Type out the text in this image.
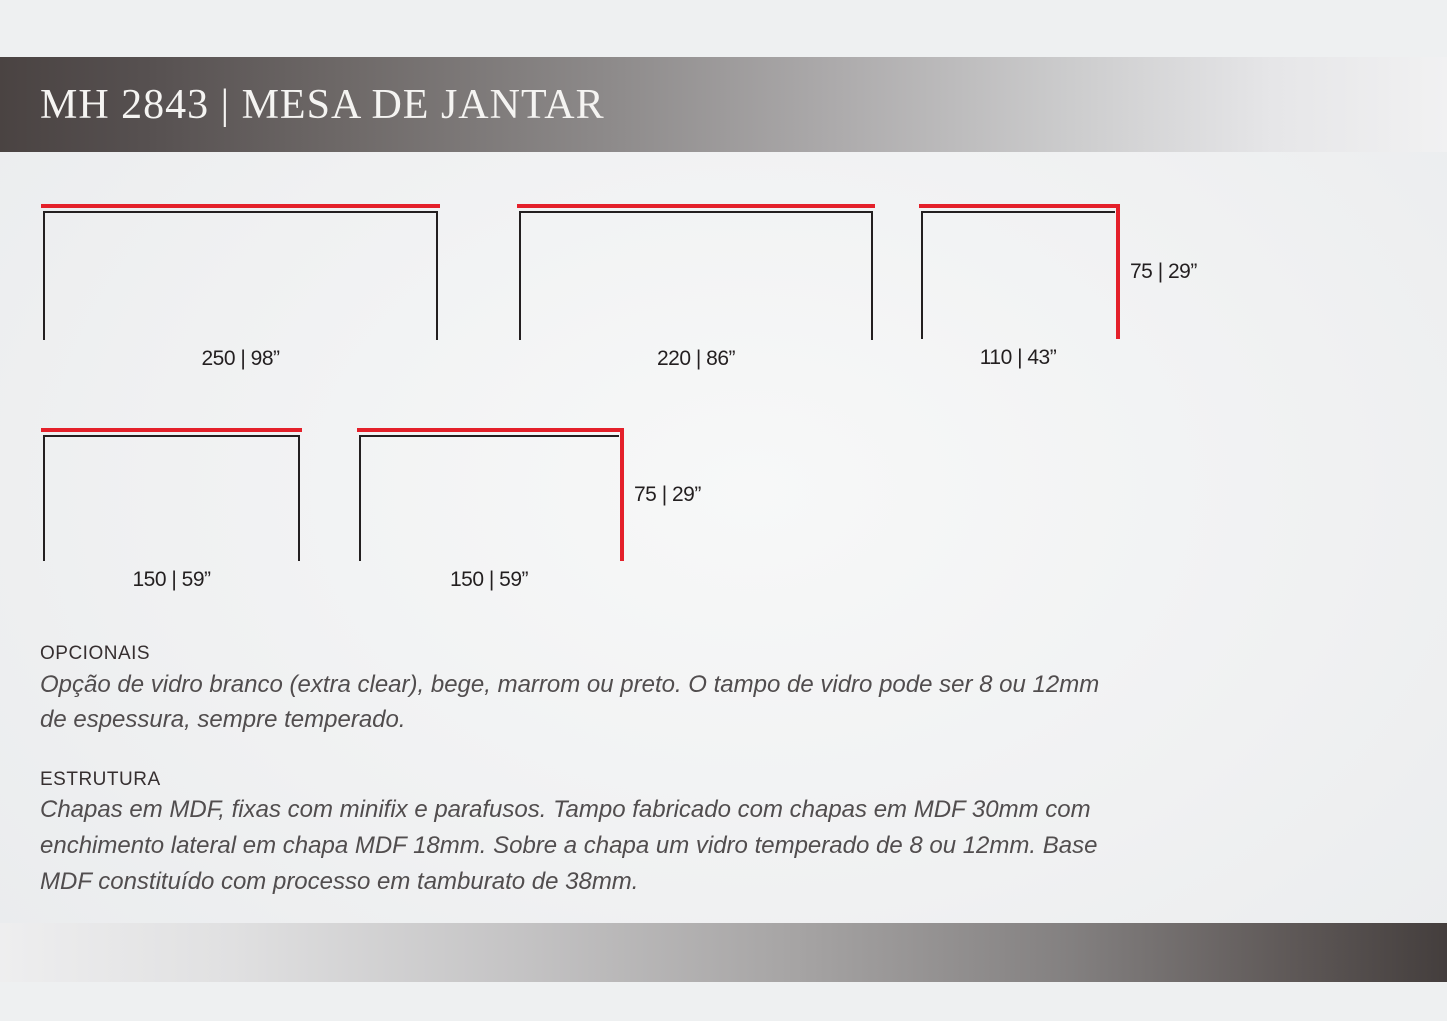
MH 2843 | MESA DE JANTAR
250 | 98”	220 | 86”	110 | 43”
75 | 29”
150 | 59”	150 | 59”
75 | 29”
OPCIONAIS
Opção de vidro branco (extra clear), bege, marrom ou preto. O tampo de vidro pode ser 8 ou 12mm
de espessura, sempre temperado.
ESTRUTURA
Chapas em MDF, fixas com minifix e parafusos. Tampo fabricado com chapas em MDF 30mm com
enchimento lateral em chapa MDF 18mm. Sobre a chapa um vidro temperado de 8 ou 12mm. Base
MDF constituído com processo em tamburato de 38mm.
